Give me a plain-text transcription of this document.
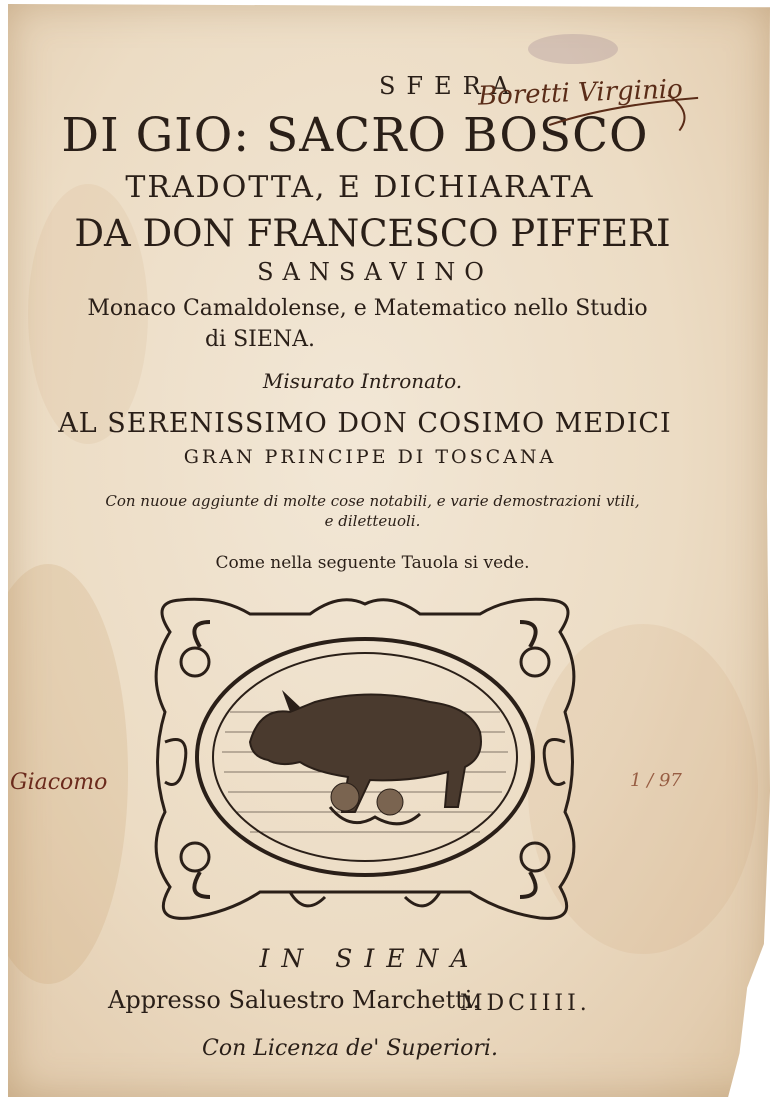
SFERA
DI GIO: SACRO BOSCO
TRADOTTA, E DICHIARATA
DA DON FRANCESCO PIFFERI
SANSAVINO
Monaco Camaldolense, e Matematico nello Studio
di SIENA.
Misurato Intronato.
AL SERENISSIMO DON COSIMO MEDICI
GRAN PRINCIPE DI TOSCANA
Con nuoue aggiunte di molte cose notabili, e varie demostrazioni vtili,
e diletteuoli.
Come nella seguente Tauola si vede.
Boretti Virginio
Giacomo	1 / 97
IN SIENA
Appresso Saluestro Marchetti.
MDCIIII.
Con Licenza de' Superiori.
